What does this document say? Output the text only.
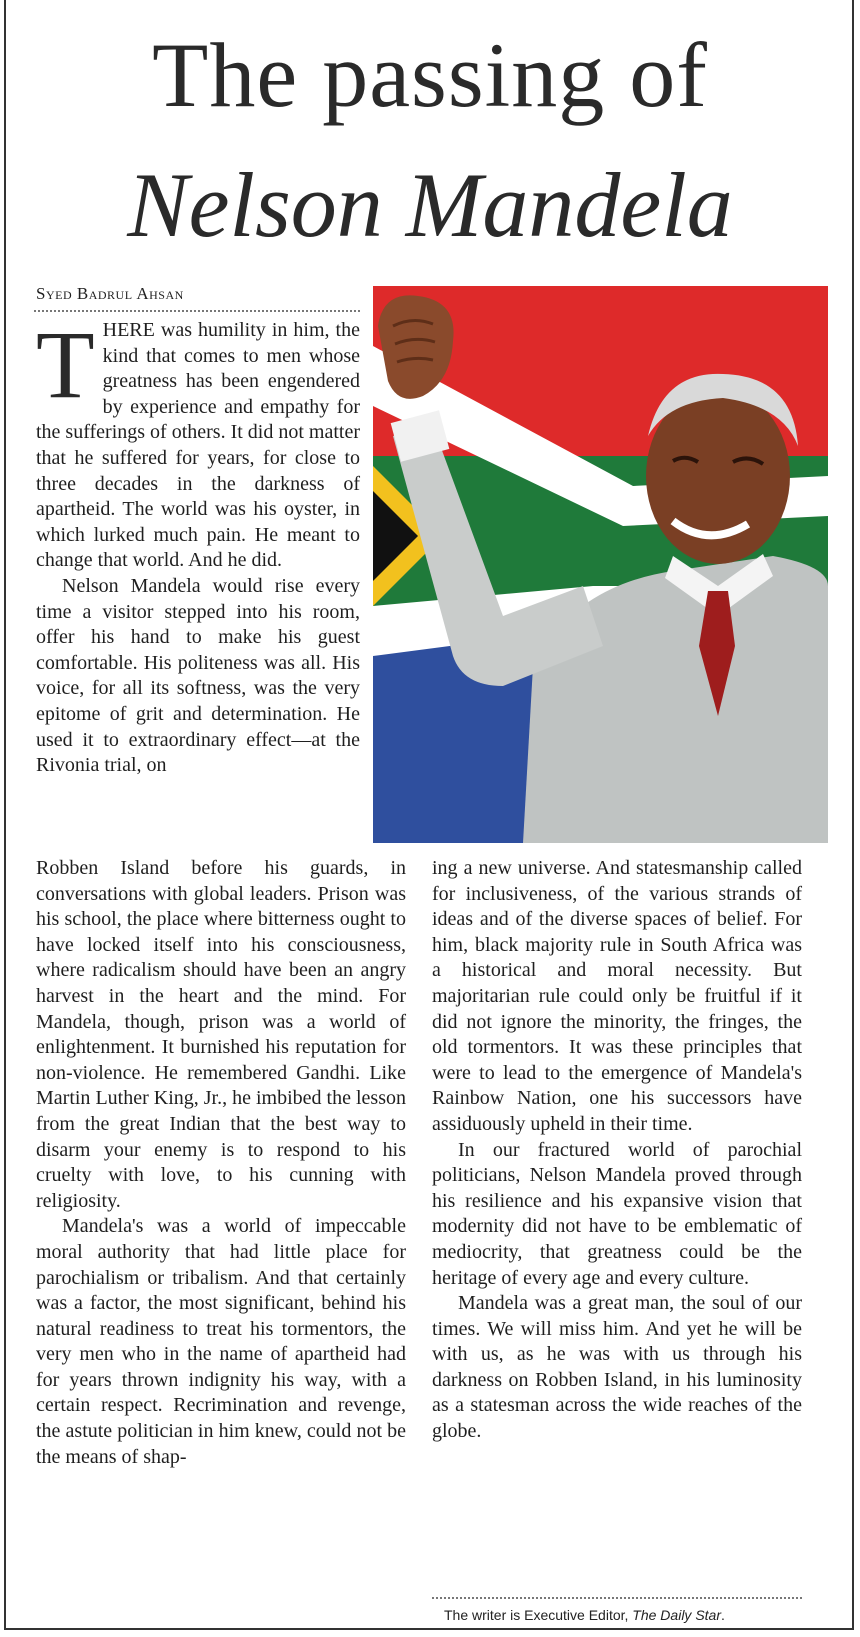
The passing of
Nelson Mandela
Syed Badrul Ahsan

THERE was humility in him, the kind that comes to men whose greatness has been engendered by experience and empathy for the sufferings of others. It did not matter that he suffered for years, for close to three decades in the darkness of apartheid. The world was his oyster, in which lurked much pain. He meant to change that world. And he did.

Nelson Mandela would rise every time a visitor stepped into his room, offer his hand to make his guest comfortable. His politeness was all. His voice, for all its softness, was the very epitome of grit and determination. He used it to extraordinary effect—at the Rivonia trial, on

Robben Island before his guards, in conversations with global leaders. Prison was his school, the place where bitterness ought to have locked itself into his consciousness, where radicalism should have been an angry harvest in the heart and the mind. For Mandela, though, prison was a world of enlightenment. It burnished his reputation for non-violence. He remembered Gandhi. Like Martin Luther King, Jr., he imbibed the lesson from the great Indian that the best way to disarm your enemy is to respond to his cruelty with love, to his cunning with religiosity.

Mandela's was a world of impeccable moral authority that had little place for parochialism or tribalism. And that certainly was a factor, the most significant, behind his natural readiness to treat his tormentors, the very men who in the name of apartheid had for years thrown indignity his way, with a certain respect. Recrimination and revenge, the astute politician in him knew, could not be the means of shap-

ing a new universe. And statesmanship called for inclusiveness, of the various strands of ideas and of the diverse spaces of belief. For him, black majority rule in South Africa was a historical and moral necessity. But majoritarian rule could only be fruitful if it did not ignore the minority, the fringes, the old tormentors. It was these principles that were to lead to the emergence of Mandela's Rainbow Nation, one his successors have assiduously upheld in their time.

In our fractured world of parochial politicians, Nelson Mandela proved through his resilience and his expansive vision that modernity did not have to be emblematic of mediocrity, that greatness could be the heritage of every age and every culture.

Mandela was a great man, the soul of our times. We will miss him. And yet he will be with us, as he was with us through his darkness on Robben Island, in his luminosity as a statesman across the wide reaches of the globe.

The writer is Executive Editor, The Daily Star.
